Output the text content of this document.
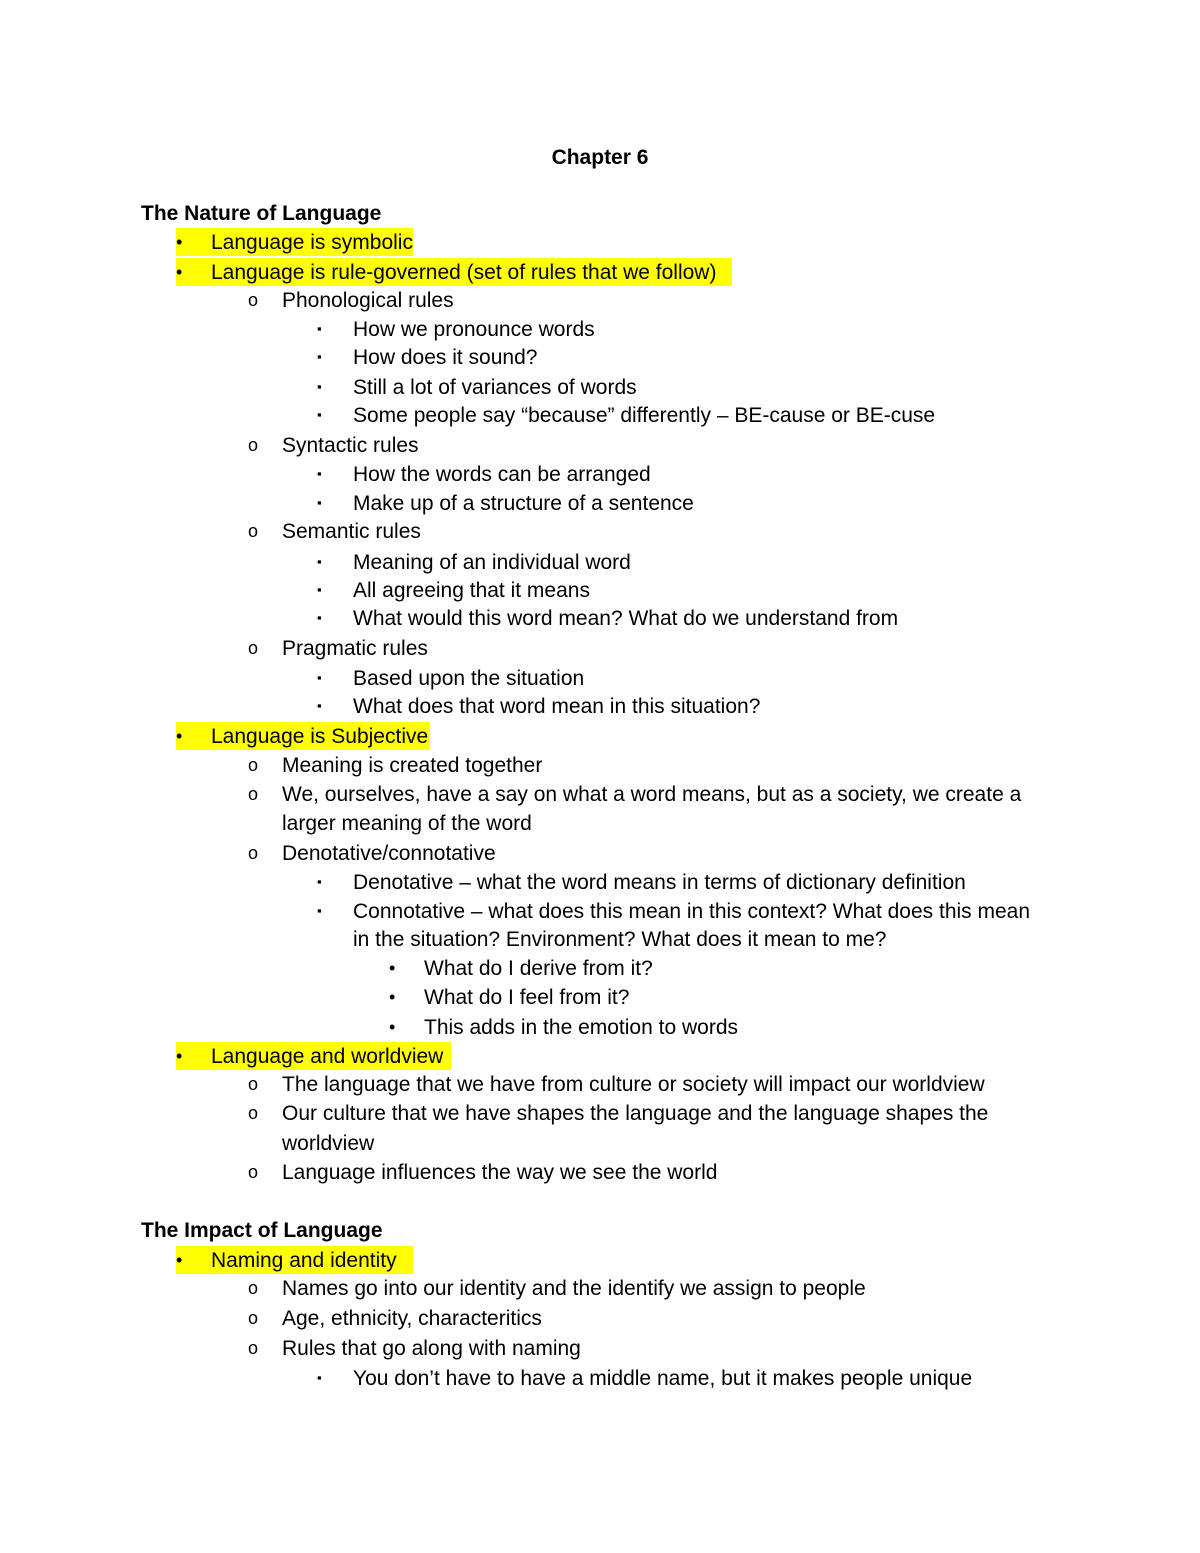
Chapter 6
The Nature of Language
• Language is symbolic
• Language is rule-governed (set of rules that we follow)
o Phonological rules
▪ How we pronounce words
▪ How does it sound?
▪ Still a lot of variances of words
▪ Some people say “because” differently – BE-cause or BE-cuse
o Syntactic rules
▪ How the words can be arranged
▪ Make up of a structure of a sentence
o Semantic rules
▪ Meaning of an individual word
▪ All agreeing that it means
▪ What would this word mean? What do we understand from
o Pragmatic rules
▪ Based upon the situation
▪ What does that word mean in this situation?
• Language is Subjective
o Meaning is created together
o We, ourselves, have a say on what a word means, but as a society, we create a
larger meaning of the word
o Denotative/connotative
▪ Denotative – what the word means in terms of dictionary definition
▪ Connotative – what does this mean in this context? What does this mean
in the situation? Environment? What does it mean to me?
• What do I derive from it?
• What do I feel from it?
• This adds in the emotion to words
• Language and worldview
o The language that we have from culture or society will impact our worldview
o Our culture that we have shapes the language and the language shapes the
worldview
o Language influences the way we see the world
The Impact of Language
• Naming and identity
o Names go into our identity and the identify we assign to people
o Age, ethnicity, characteritics
o Rules that go along with naming
▪ You don’t have to have a middle name, but it makes people unique
